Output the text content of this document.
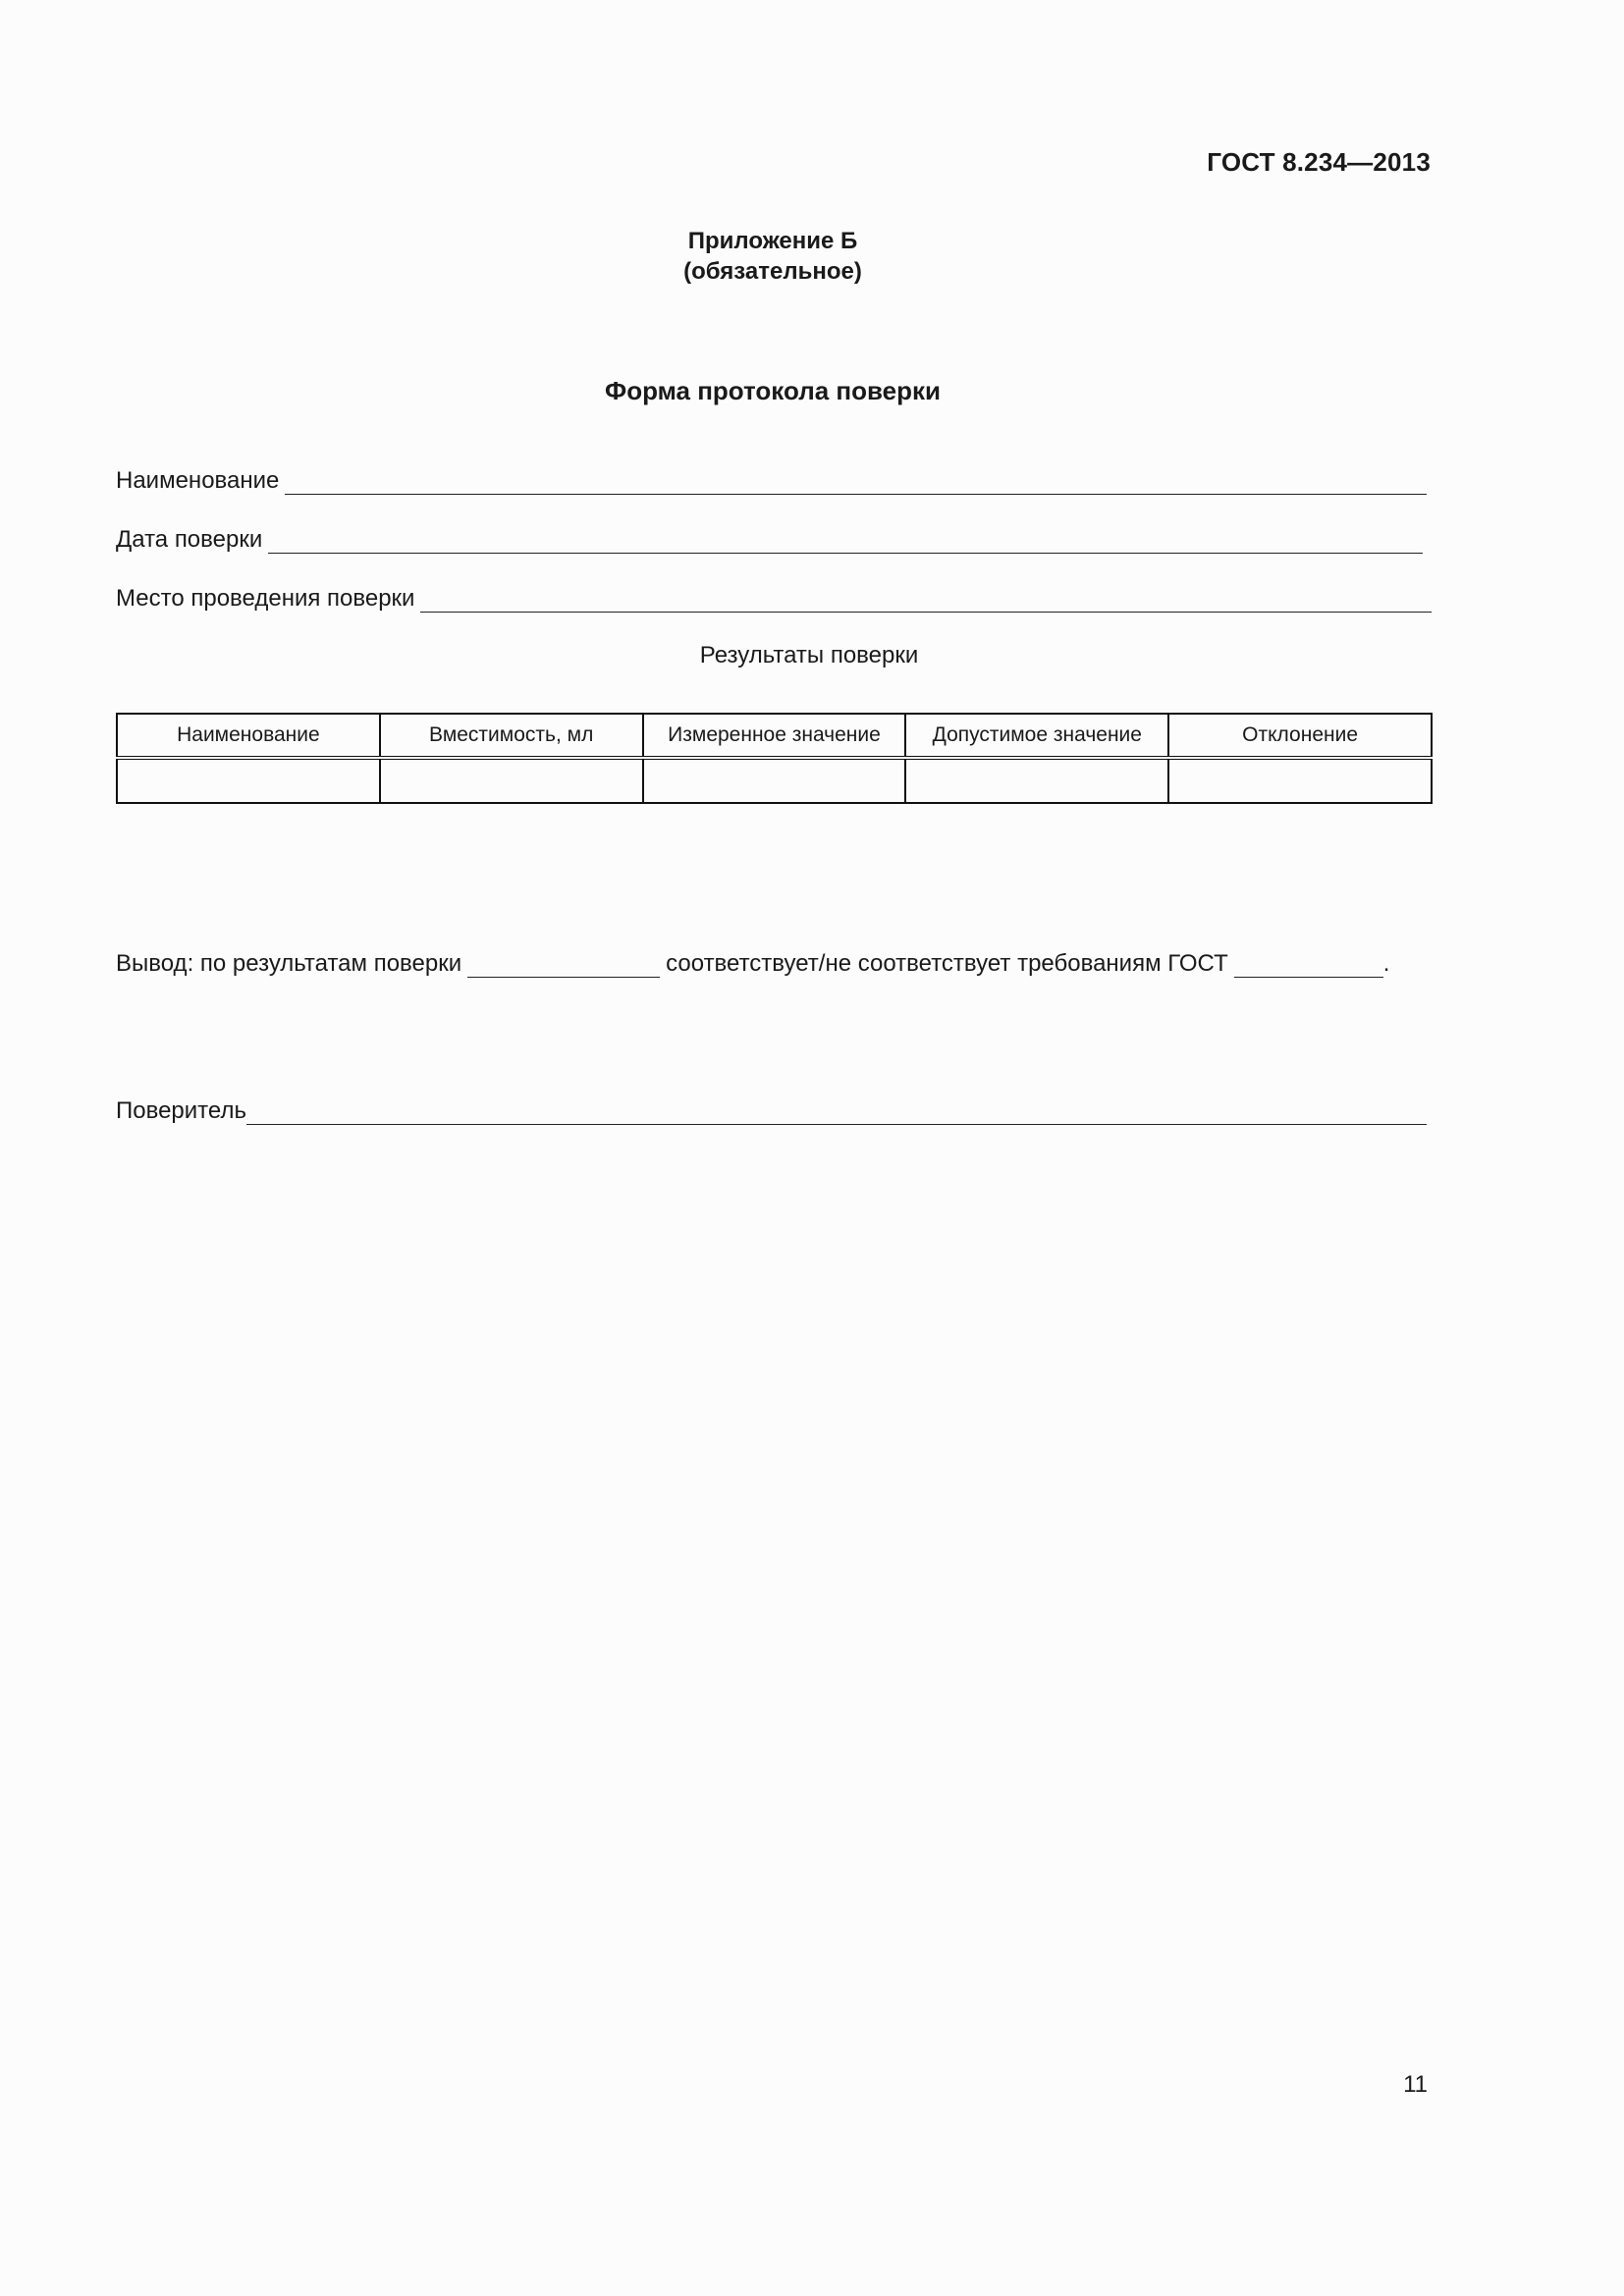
ГОСТ 8.234—2013
Приложение Б
(обязательное)
Форма протокола поверки
Наименование
Дата поверки
Место проведения поверки
Результаты поверки
Наименование	Вместимость, мл	Измеренное значение	Допустимое значение	Отклонение

Вывод: по результатам поверки	соответствует/не соответствует требованиям ГОСТ	.
Поверитель
11
